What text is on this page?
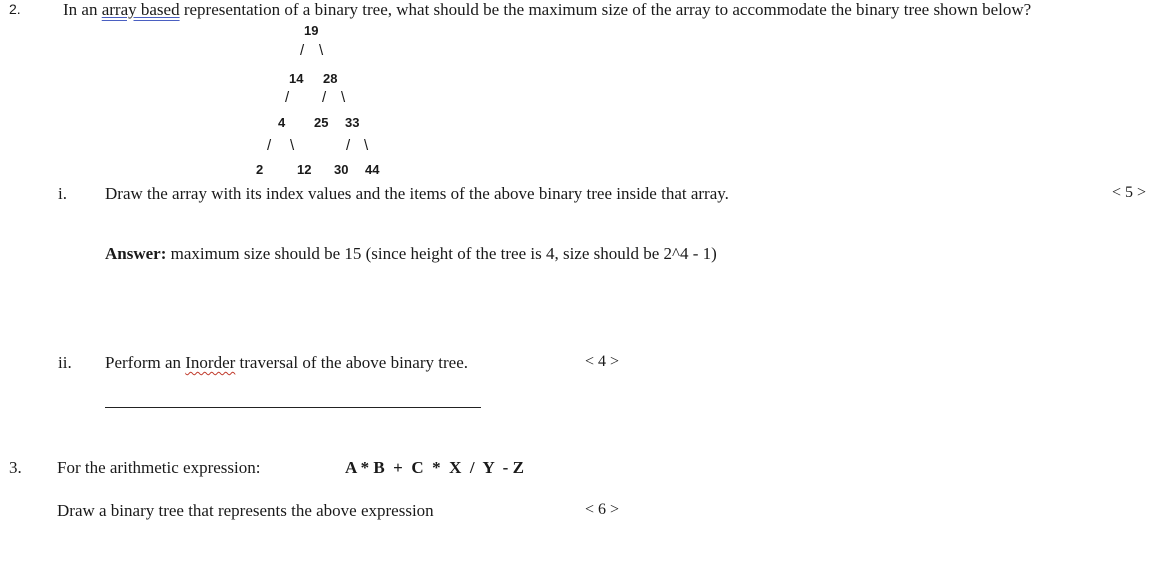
2. In an array based representation of a binary tree, what should be the maximum size of the array to accommodate the binary tree shown below?
19
/ \
14 28
/ / \
4 25 33
/ \	/ \
2	12 30 44
i. Draw the array with its index values and the items of the above binary tree inside that array.	< 5 >
Answer: maximum size should be 15 (since height of the tree is 4, size should be 2^4 - 1)
ii. Perform an Inorder traversal of the above binary tree.	< 4 >
3. For the arithmetic expression:	A * B  +  C  *  X  /  Y  - Z
Draw a binary tree that represents the above expression	< 6 >
